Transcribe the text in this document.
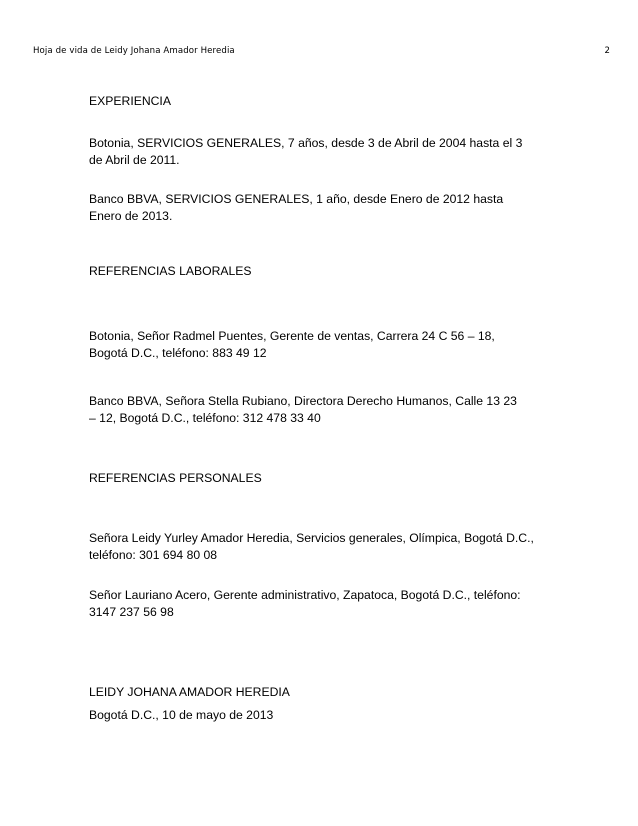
Hoja de vida de Leidy Johana Amador Heredia	2
EXPERIENCIA
Botonia, SERVICIOS GENERALES, 7 años, desde 3 de Abril de 2004 hasta el 3
de Abril de 2011.
Banco BBVA, SERVICIOS GENERALES, 1 año, desde Enero de 2012 hasta
Enero de 2013.
REFERENCIAS LABORALES
Botonia, Señor Radmel Puentes, Gerente de ventas, Carrera 24 C 56 – 18,
Bogotá D.C., teléfono: 883 49 12
Banco BBVA, Señora Stella Rubiano, Directora Derecho Humanos, Calle 13 23
– 12, Bogotá D.C., teléfono: 312 478 33 40
REFERENCIAS PERSONALES
Señora Leidy Yurley Amador Heredia, Servicios generales, Olímpica, Bogotá D.C.,
teléfono: 301 694 80 08
Señor Lauriano Acero, Gerente administrativo, Zapatoca, Bogotá D.C., teléfono:
3147 237 56 98
LEIDY JOHANA AMADOR HEREDIA
Bogotá D.C., 10 de mayo de 2013
